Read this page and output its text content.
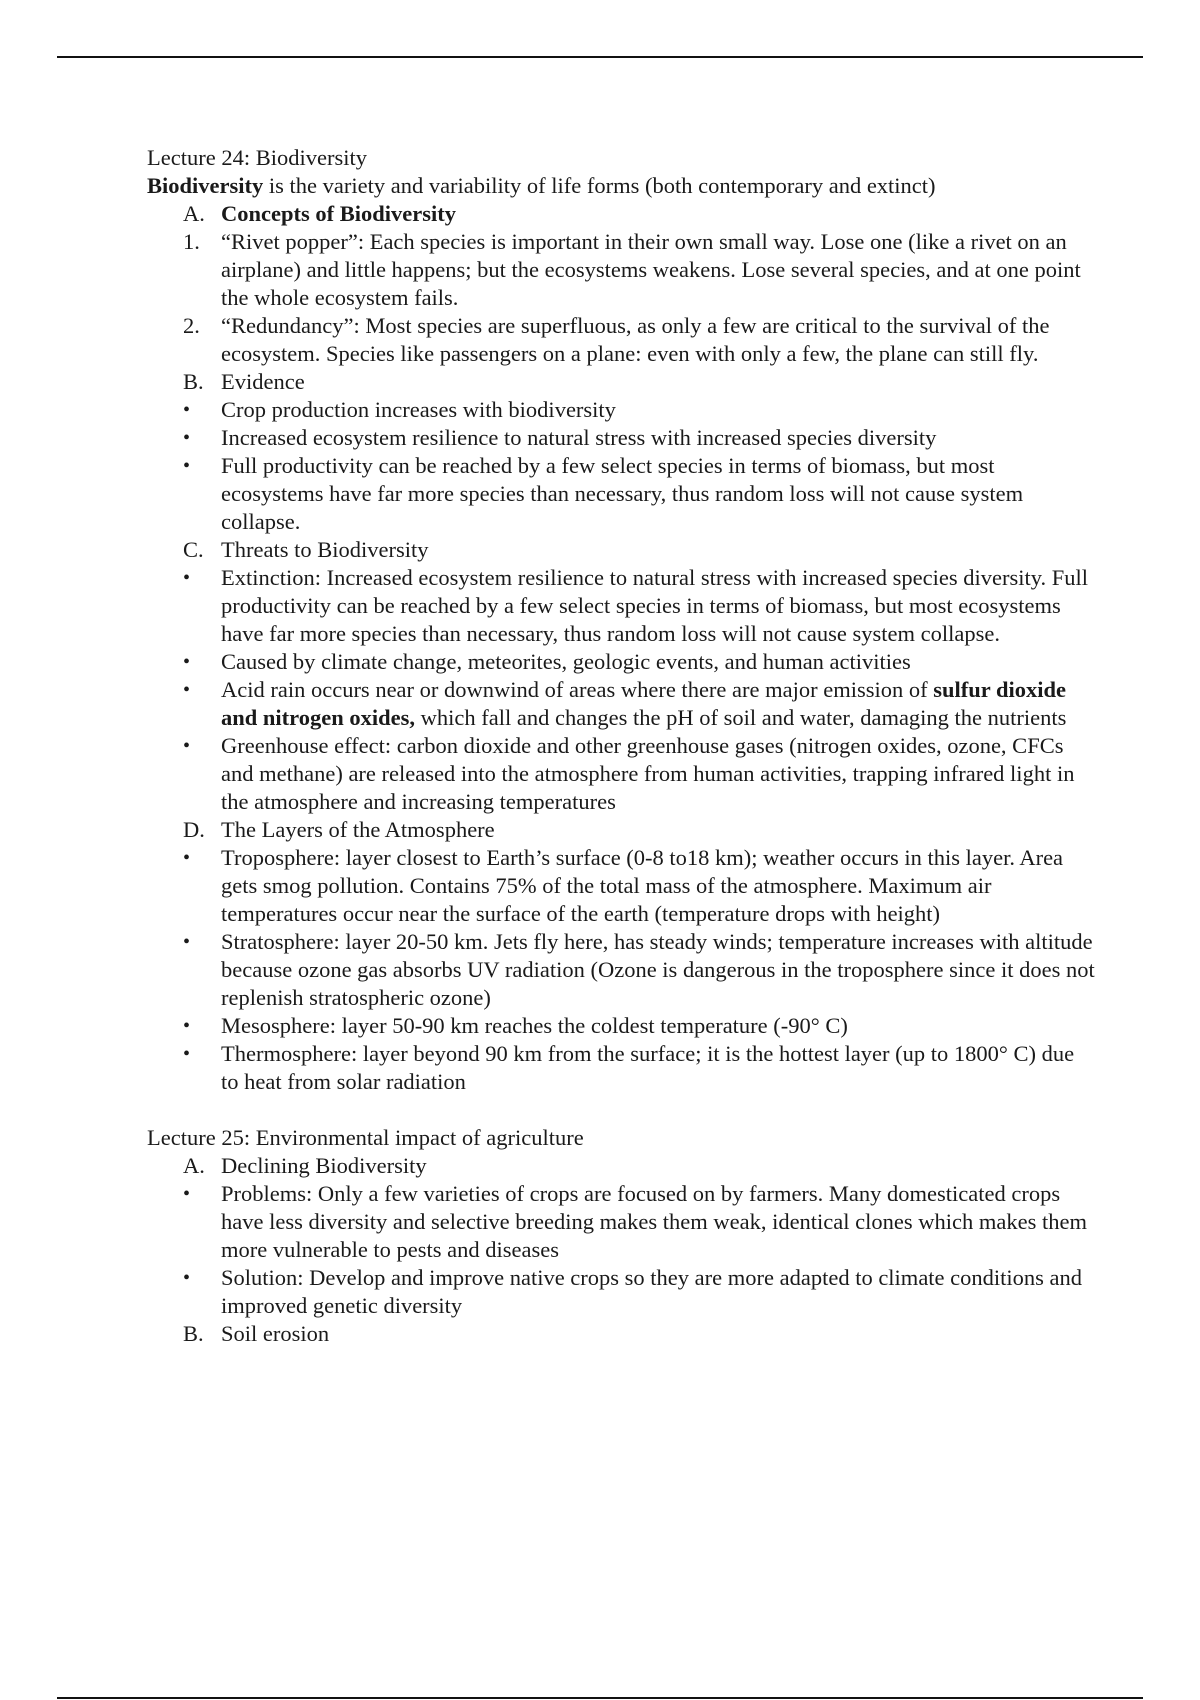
Lecture 24: Biodiversity

Biodiversity is the variety and variability of life forms (both contemporary and extinct)

A. Concepts of Biodiversity
1. “Rivet popper”: Each species is important in their own small way. Lose one (like a rivet on an airplane) and little happens; but the ecosystems weakens. Lose several species, and at one point the whole ecosystem fails.
2. “Redundancy”: Most species are superfluous, as only a few are critical to the survival of the ecosystem. Species like passengers on a plane: even with only a few, the plane can still fly.
B. Evidence
•	Crop production increases with biodiversity
•	Increased ecosystem resilience to natural stress with increased species diversity
•	Full productivity can be reached by a few select species in terms of biomass, but most ecosystems have far more species than necessary, thus random loss will not cause system collapse.
C. Threats to Biodiversity
•	Extinction: Increased ecosystem resilience to natural stress with increased species diversity. Full productivity can be reached by a few select species in terms of biomass, but most ecosystems have far more species than necessary, thus random loss will not cause system collapse.
•	Caused by climate change, meteorites, geologic events, and human activities
•	Acid rain occurs near or downwind of areas where there are major emission of sulfur dioxide and nitrogen oxides, which fall and changes the pH of soil and water, damaging the nutrients
•	Greenhouse effect: carbon dioxide and other greenhouse gases (nitrogen oxides, ozone, CFCs and methane) are released into the atmosphere from human activities, trapping infrared light in the atmosphere and increasing temperatures
D. The Layers of the Atmosphere
•	Troposphere: layer closest to Earth’s surface (0-8 to18 km); weather occurs in this layer. Area gets smog pollution. Contains 75% of the total mass of the atmosphere. Maximum air temperatures occur near the surface of the earth (temperature drops with height)
•	Stratosphere: layer 20-50 km. Jets fly here, has steady winds; temperature increases with altitude because ozone gas absorbs UV radiation (Ozone is dangerous in the troposphere since it does not replenish stratospheric ozone)
•	Mesosphere: layer 50-90 km reaches the coldest temperature (-90° C)
•	Thermosphere: layer beyond 90 km from the surface; it is the hottest layer (up to 1800° C) due to heat from solar radiation

Lecture 25: Environmental impact of agriculture

A. Declining Biodiversity
•	Problems: Only a few varieties of crops are focused on by farmers. Many domesticated crops have less diversity and selective breeding makes them weak, identical clones which makes them more vulnerable to pests and diseases
•	Solution: Develop and improve native crops so they are more adapted to climate conditions and improved genetic diversity
B. Soil erosion
